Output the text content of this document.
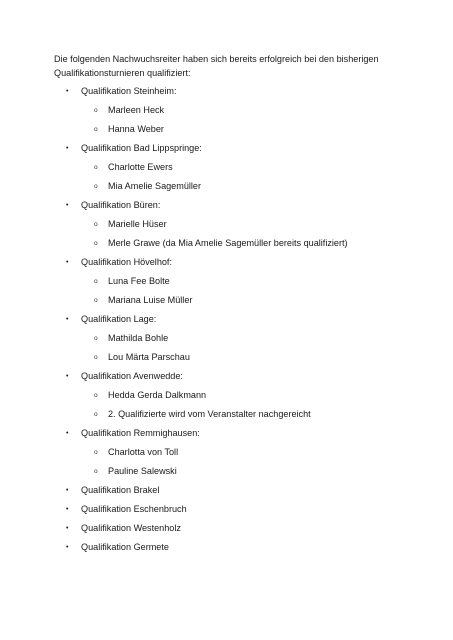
Die folgenden Nachwuchsreiter haben sich bereits erfolgreich bei den bisherigen Qualifikationsturnieren qualifiziert:

• Qualifikation Steinheim:
o Marleen Heck
o Hanna Weber
• Qualifikation Bad Lippspringe:
o Charlotte Ewers
o Mia Amelie Sagemüller
• Qualifikation Büren:
o Marielle Hüser
o Merle Grawe (da Mia Amelie Sagemüller bereits qualifiziert)
• Qualifikation Hövelhof:
o Luna Fee Bolte
o Mariana Luise Müller
• Qualifikation Lage:
o Mathilda Bohle
o Lou Märta Parschau
• Qualifikation Avenwedde:
o Hedda Gerda Dalkmann
o 2. Qualifizierte wird vom Veranstalter nachgereicht
• Qualifikation Remmighausen:
o Charlotta von Toll
o Pauline Salewski
• Qualifikation Brakel
• Qualifikation Eschenbruch
• Qualifikation Westenholz
• Qualifikation Germete
